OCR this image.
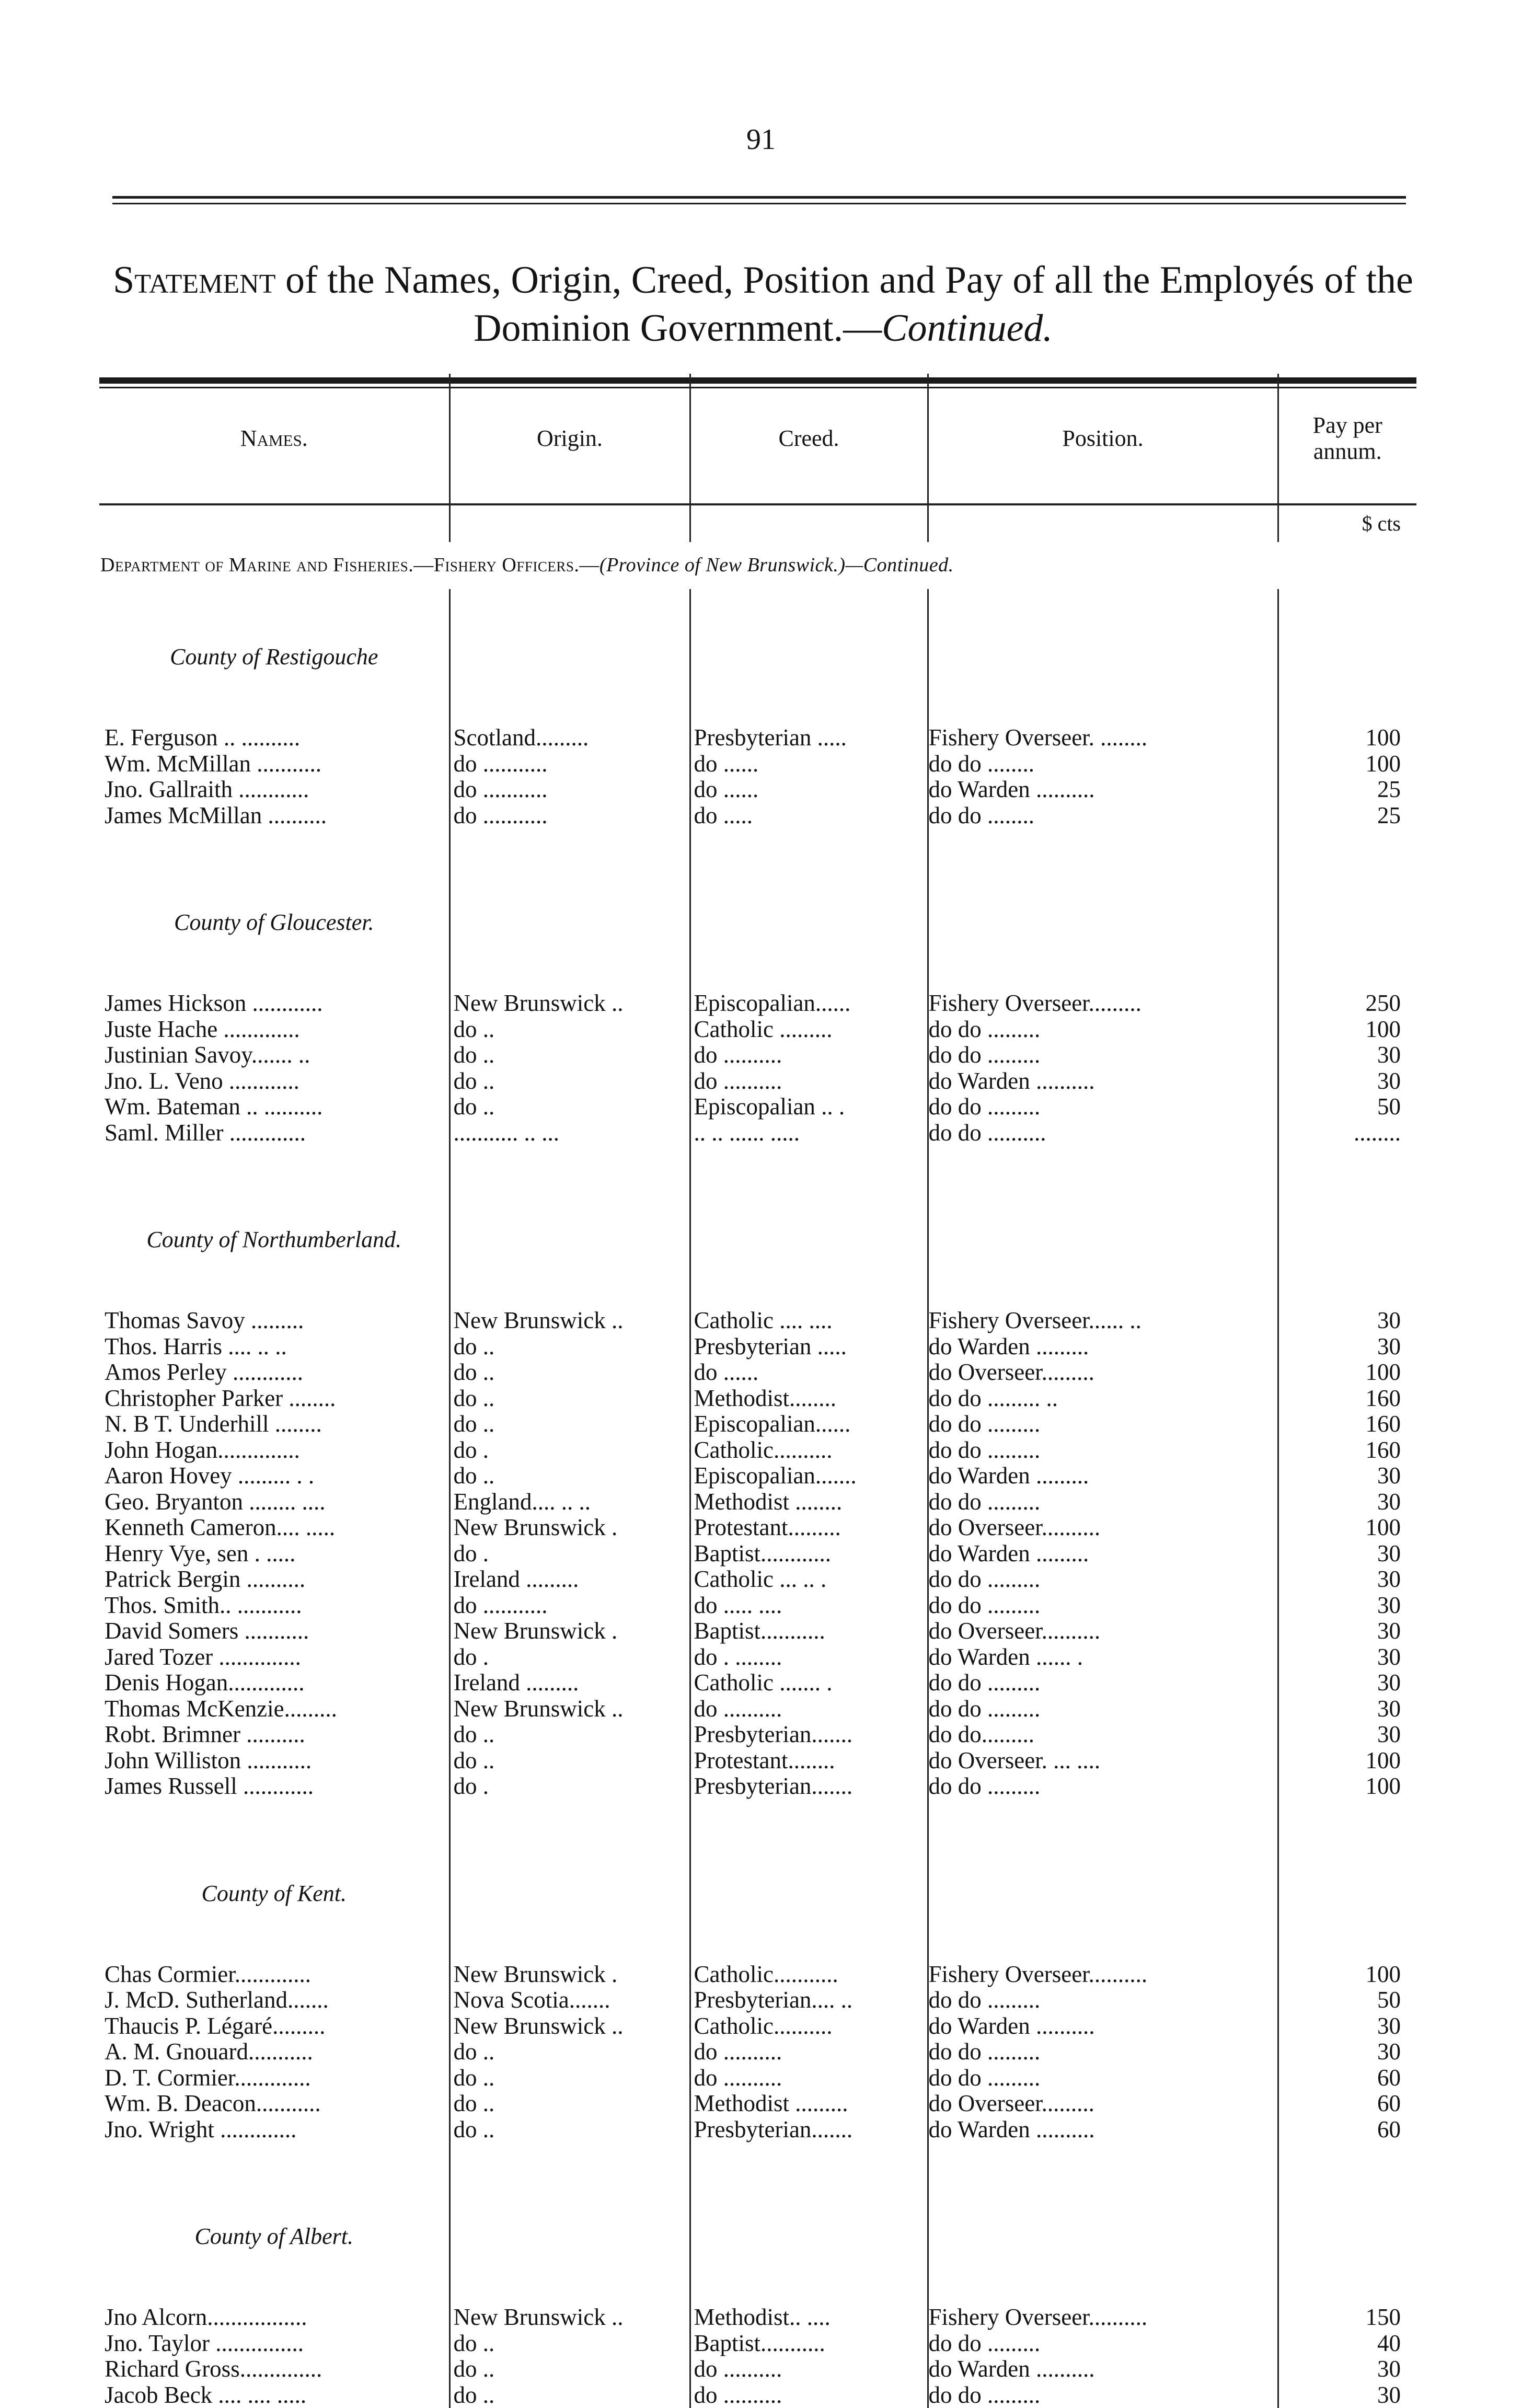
91
Statement of the Names, Origin, Creed, Position and Pay of all the Employés of the Dominion Government.—Continued.
Names.	Origin.	Creed.	Position.	Pay per
annum.

				$ cts
Department of Marine and Fisheries.—Fishery Officers.—(Province of New Brunswick.)—Continued.				

County of Restigouche				

E. Ferguson .. ..........	Scotland.........	Presbyterian .....	Fishery Overseer. ........	100
Wm. McMillan ...........	do ...........	do ......	do do ........	100
Jno. Gallraith ............	do ...........	do ......	do Warden ..........	25
James McMillan ..........	do ...........	do .....	do do ........	25

County of Gloucester.				

James Hickson ............	New Brunswick ..	Episcopalian......	Fishery Overseer.........	250
Juste Hache .............	do ..	Catholic .........	do do .........	100
Justinian Savoy....... ..	do ..	do ..........	do do .........	30
Jno. L. Veno ............	do ..	do ..........	do Warden ..........	30
Wm. Bateman .. ..........	do ..	Episcopalian .. .	do do .........	50
Saml. Miller .............	........... .. ...	.. .. ...... .....	do do ..........	........

County of Northumberland.				

Thomas Savoy .........	New Brunswick ..	Catholic .... ....	Fishery Overseer...... ..	30
Thos. Harris .... .. ..	do ..	Presbyterian .....	do Warden .........	30
Amos Perley ............	do ..	do ......	do Overseer.........	100
Christopher Parker ........	do ..	Methodist........	do do ......... ..	160
N. B T. Underhill ........	do ..	Episcopalian......	do do .........	160
John Hogan..............	do .	Catholic..........	do do .........	160
Aaron Hovey ......... . .	do ..	Episcopalian.......	do Warden .........	30
Geo. Bryanton ........ ....	England.... .. ..	Methodist ........	do do .........	30
Kenneth Cameron.... .....	New Brunswick .	Protestant.........	do Overseer..........	100
Henry Vye, sen . .....	do .	Baptist............	do Warden .........	30
Patrick Bergin ..........	Ireland .........	Catholic ... .. .	do do .........	30
Thos. Smith.. ...........	do ...........	do ..... ....	do do .........	30
David Somers ...........	New Brunswick .	Baptist...........	do Overseer..........	30
Jared Tozer ..............	do .	do . ........	do Warden ...... .	30
Denis Hogan.............	Ireland .........	Catholic ....... .	do do .........	30
Thomas McKenzie.........	New Brunswick ..	do ..........	do do .........	30
Robt. Brimner ..........	do ..	Presbyterian.......	do do.........	30
John Williston ...........	do ..	Protestant........	do Overseer. ... ....	100
James Russell ............	do .	Presbyterian.......	do do .........	100

County of Kent.				

Chas Cormier.............	New Brunswick .	Catholic...........	Fishery Overseer..........	100
J. McD. Sutherland.......	Nova Scotia.......	Presbyterian.... ..	do do .........	50
Thaucis P. Légaré.........	New Brunswick ..	Catholic..........	do Warden ..........	30
A. M. Gnouard...........	do ..	do ..........	do do .........	30
D. T. Cormier.............	do ..	do ..........	do do .........	60
Wm. B. Deacon...........	do ..	Methodist .........	do Overseer.........	60
Jno. Wright .............	do ..	Presbyterian.......	do Warden ..........	60

County of Albert.				

Jno Alcorn.................	New Brunswick ..	Methodist.. ....	Fishery Overseer..........	150
Jno. Taylor ...............	do ..	Baptist...........	do do .........	40
Richard Gross..............	do ..	do ..........	do Warden ..........	30
Jacob Beck .... .... .....	do ..	do ..........	do do .........	30
